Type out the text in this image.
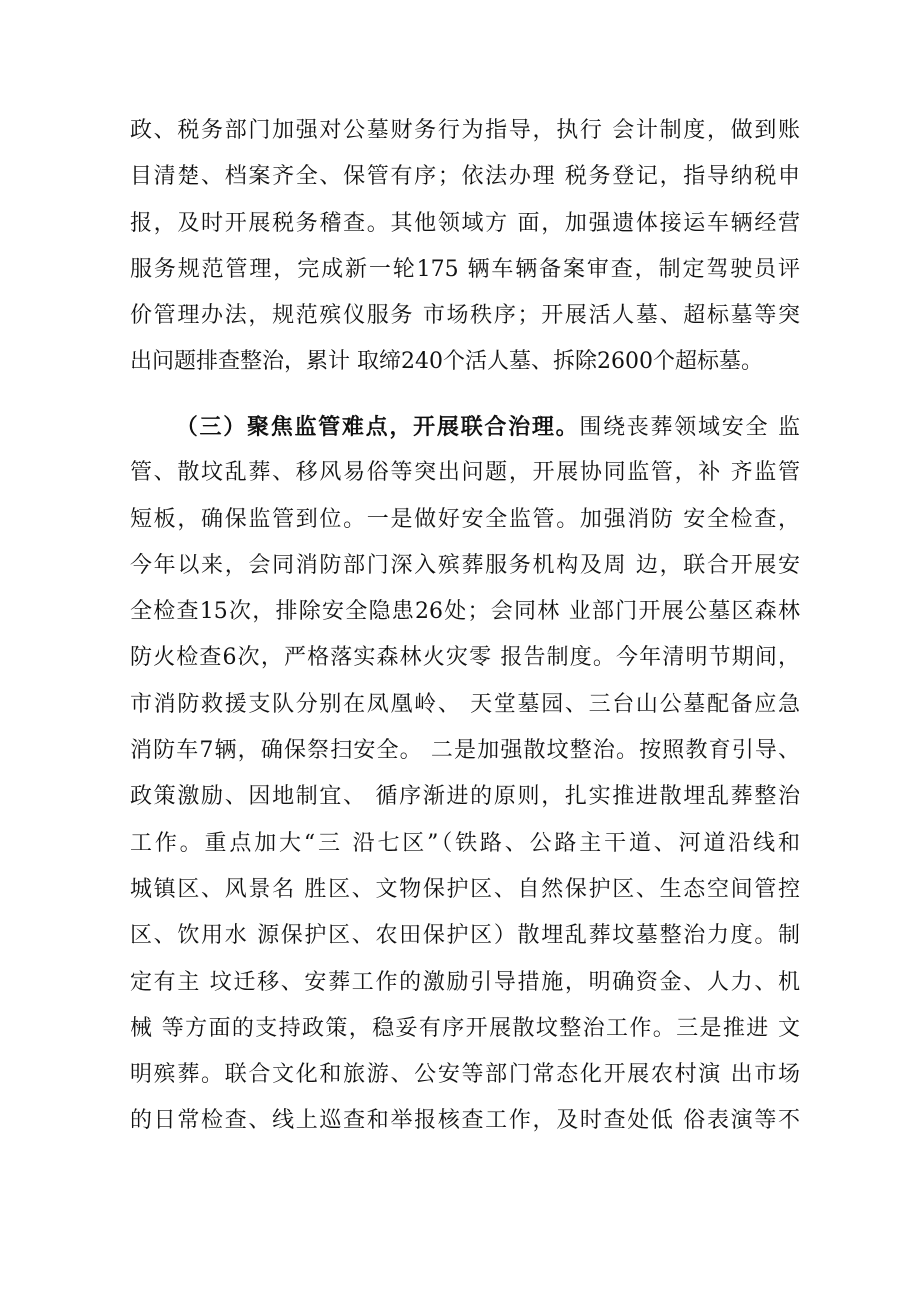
政、税务部门加强对公墓财务行为指导，执行 会计制度，做到账
目清楚、档案齐全、保管有序；依法办理 税务登记，指导纳税申
报，及时开展税务稽查。其他领域方 面，加强遗体接运车辆经营
服务规范管理，完成新一轮175 辆车辆备案审查，制定驾驶员评
价管理办法，规范殡仪服务 市场秩序；开展活人墓、超标墓等突
出问题排查整治，累计 取缔240个活人墓、拆除2600个超标墓。
（三）聚焦监管难点，开展联合治理。围绕丧葬领域安全 监
管、散坟乱葬、移风易俗等突出问题，开展协同监管，补 齐监管
短板，确保监管到位。一是做好安全监管。加强消防 安全检查，
今年以来，会同消防部门深入殡葬服务机构及周 边，联合开展安
全检查15次，排除安全隐患26处；会同林 业部门开展公墓区森林
防火检查6次，严格落实森林火灾零 报告制度。今年清明节期间，
市消防救援支队分别在凤凰岭、 天堂墓园、三台山公墓配备应急
消防车7辆，确保祭扫安全。 二是加强散坟整治。按照教育引导、
政策激励、因地制宜、 循序渐进的原则，扎实推进散埋乱葬整治
工作。重点加大“三 沿七区”（铁路、公路主干道、河道沿线和
城镇区、风景名 胜区、文物保护区、自然保护区、生态空间管控
区、饮用水 源保护区、农田保护区）散埋乱葬坟墓整治力度。制
定有主 坟迁移、安葬工作的激励引导措施，明确资金、人力、机
械 等方面的支持政策，稳妥有序开展散坟整治工作。三是推进 文
明殡葬。联合文化和旅游、公安等部门常态化开展农村演 出市场
的日常检查、线上巡查和举报核查工作，及时查处低 俗表演等不
